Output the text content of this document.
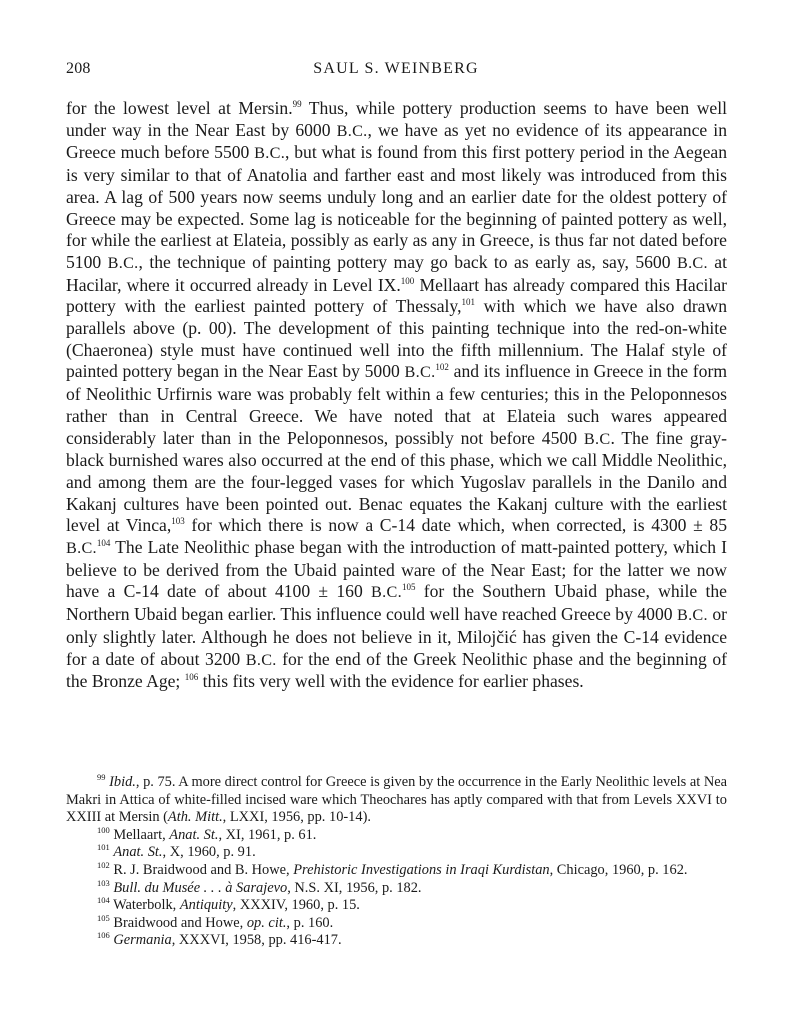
208	SAUL S. WEINBERG

for the lowest level at Mersin.$^{99}$ Thus, while pottery production seems to have been well under way in the Near East by 6000 B.C., we have as yet no evidence of its appearance in Greece much before 5500 B.C., but what is found from this first pottery period in the Aegean is very similar to that of Anatolia and farther east and most likely was introduced from this area. A lag of 500 years now seems unduly long and an earlier date for the oldest pottery of Greece may be expected. Some lag is noticeable for the beginning of painted pottery as well, for while the earliest at Elateia, possibly as early as any in Greece, is thus far not dated before 5100 B.C., the technique of painting pottery may go back to as early as, say, 5600 B.C. at Hacilar, where it occurred already in Level IX.$^{100}$ Mellaart has already compared this Hacilar pottery with the earliest painted pottery of Thessaly,$^{101}$ with which we have also drawn parallels above (p. 00). The development of this painting technique into the red-on-white (Chaeronea) style must have continued well into the fifth millennium. The Halaf style of painted pottery began in the Near East by 5000 B.C.$^{102}$ and its influence in Greece in the form of Neolithic Urfirnis ware was probably felt within a few centuries; this in the Peloponnesos rather than in Central Greece. We have noted that at Elateia such wares appeared considerably later than in the Peloponnesos, possibly not before 4500 B.C. The fine gray-black burnished wares also occurred at the end of this phase, which we call Middle Neolithic, and among them are the four-legged vases for which Yugoslav parallels in the Danilo and Kakanj cultures have been pointed out. Benac equates the Kakanj culture with the earliest level at Vinca,$^{103}$ for which there is now a C-14 date which, when corrected, is 4300 ± 85 B.C.$^{104}$ The Late Neolithic phase began with the introduction of matt-painted pottery, which I believe to be derived from the Ubaid painted ware of the Near East; for the latter we now have a C-14 date of about 4100 ± 160 B.C.$^{105}$ for the Southern Ubaid phase, while the Northern Ubaid began earlier. This influence could well have reached Greece by 4000 B.C. or only slightly later. Although he does not believe in it, Milojčić has given the C-14 evidence for a date of about 3200 B.C. for the end of the Greek Neolithic phase and the beginning of the Bronze Age; $^{106}$ this fits very well with the evidence for earlier phases.

$^{99}$ Ibid., p. 75. A more direct control for Greece is given by the occurrence in the Early Neolithic levels at Nea Makri in Attica of white-filled incised ware which Theochares has aptly compared with that from Levels XXVI to XXIII at Mersin (Ath. Mitt., LXXI, 1956, pp. 10-14).

$^{100}$ Mellaart, Anat. St., XI, 1961, p. 61.

$^{101}$ Anat. St., X, 1960, p. 91.

$^{102}$ R. J. Braidwood and B. Howe, Prehistoric Investigations in Iraqi Kurdistan, Chicago, 1960, p. 162.

$^{103}$ Bull. du Musée . . . à Sarajevo, N.S. XI, 1956, p. 182.

$^{104}$ Waterbolk, Antiquity, XXXIV, 1960, p. 15.

$^{105}$ Braidwood and Howe, op. cit., p. 160.

$^{106}$ Germania, XXXVI, 1958, pp. 416-417.
